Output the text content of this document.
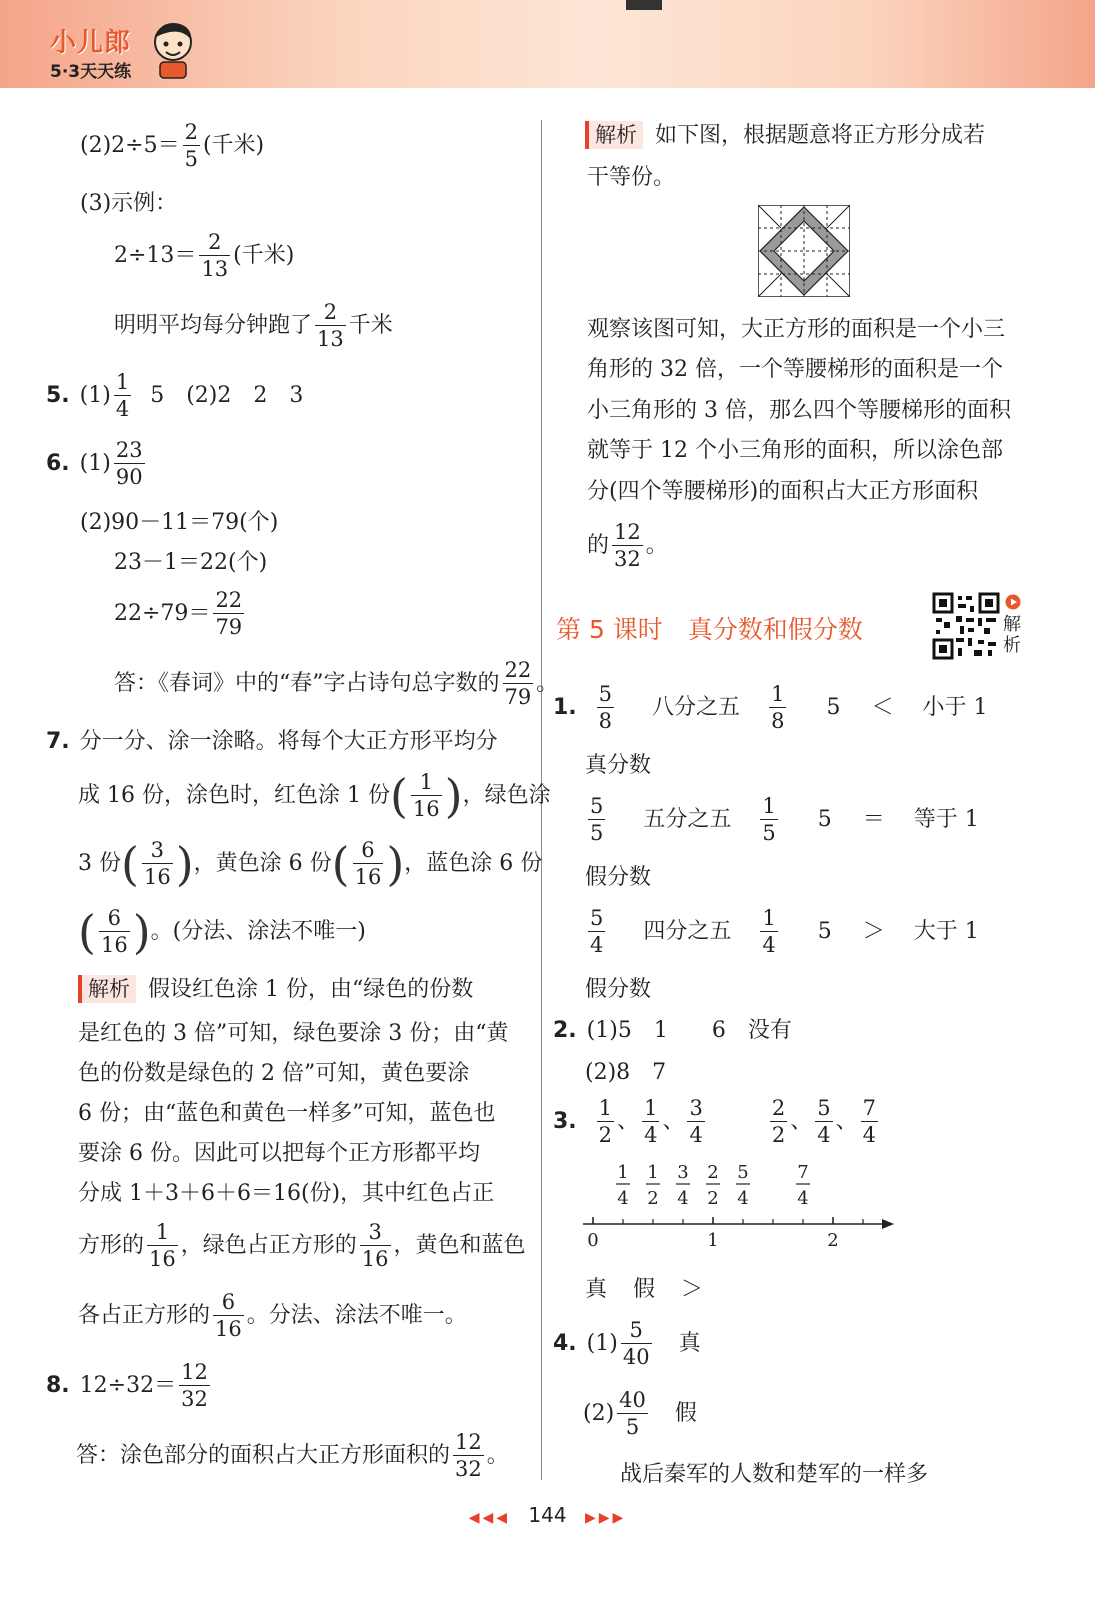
小儿郎
5·3天天练
$(2)2\div 5= \frac{2}{5}$ (千米)
(3)示例：
$2\div 13= \frac{2}{13}$ (千米)
明明平均每分钟跑了 $\frac{2}{13}$ 千米
5. $(1) \frac{1}{4} 5$　(2)2　2　3
6. $(1) \frac{23}{90}$
(2)90－11＝79(个)
23－1＝22(个)
$22\div 79= \frac{22}{79}$
答：《春词》中的“春”字占诗句总字数的 $\frac{22}{79}$ 。
7. 分一分、涂一涂略。将每个大正方形平均分
成 16 份，涂色时，红色涂 1 份( $\frac{1}{16}$ )，绿色涂
3 份( $\frac{3}{16}$ )，黄色涂 6 份( $\frac{6}{16}$ )，蓝色涂 6 份
( $\frac{6}{16}$ )。(分法、涂法不唯一)
解析 假设红色涂 1 份，由“绿色的份数
是红色的 3 倍”可知，绿色要涂 3 份；由“黄
色的份数是绿色的 2 倍”可知，黄色要涂
6 份；由“蓝色和黄色一样多”可知，蓝色也
要涂 6 份。因此可以把每个正方形都平均
分成 1＋3＋6＋6＝16(份)，其中红色占正
方形的 $\frac{1}{16}$ ，绿色占正方形的 $\frac{3}{16}$ ，黄色和蓝色
各占正方形的 $\frac{6}{16}$ 。分法、涂法不唯一。
8. $12\div 32= \frac{12}{32}$
答：涂色部分的面积占大正方形面积的 $\frac{12}{32}$ 。
解析 如下图，根据题意将正方形分成若
干等份。
观察该图可知，大正方形的面积是一个小三
角形的 32 倍，一个等腰梯形的面积是一个
小三角形的 3 倍，那么四个等腰梯形的面积
就等于 12 个小三角形的面积，所以涂色部
分(四个等腰梯形)的面积占大正方形面积
的 $\frac{12}{32}$ 。
第 5 课时　真分数和假分数	解析
1. $\frac{5}{8}$ 八分之五 $\frac{1}{8} 5$ ＜ 小于 1
真分数
$\frac{5}{5}$ 五分之五 $\frac{1}{5} 5$ ＝ 等于 1
假分数
$\frac{5}{4}$ 四分之五 $\frac{1}{4} 5$ ＞ 大于 1
假分数
2. (1)5　1　　6　没有
(2)8　7
3. $\frac{1}{2}$ 、 $\frac{1}{4}$ 、 $\frac{3}{4}$
	$\frac{2}{2}$ 、 $\frac{5}{4}$ 、 $\frac{7}{4}$
0	1	2
1
4
1
2
3
4
2
2
5
4
7
4
真　假　＞
4. $(1) \frac{5}{40}$ 真
$(2) \frac{40}{5}$ 假
战后秦军的人数和楚军的一样多
◀◀◀ 144 ▶▶▶
